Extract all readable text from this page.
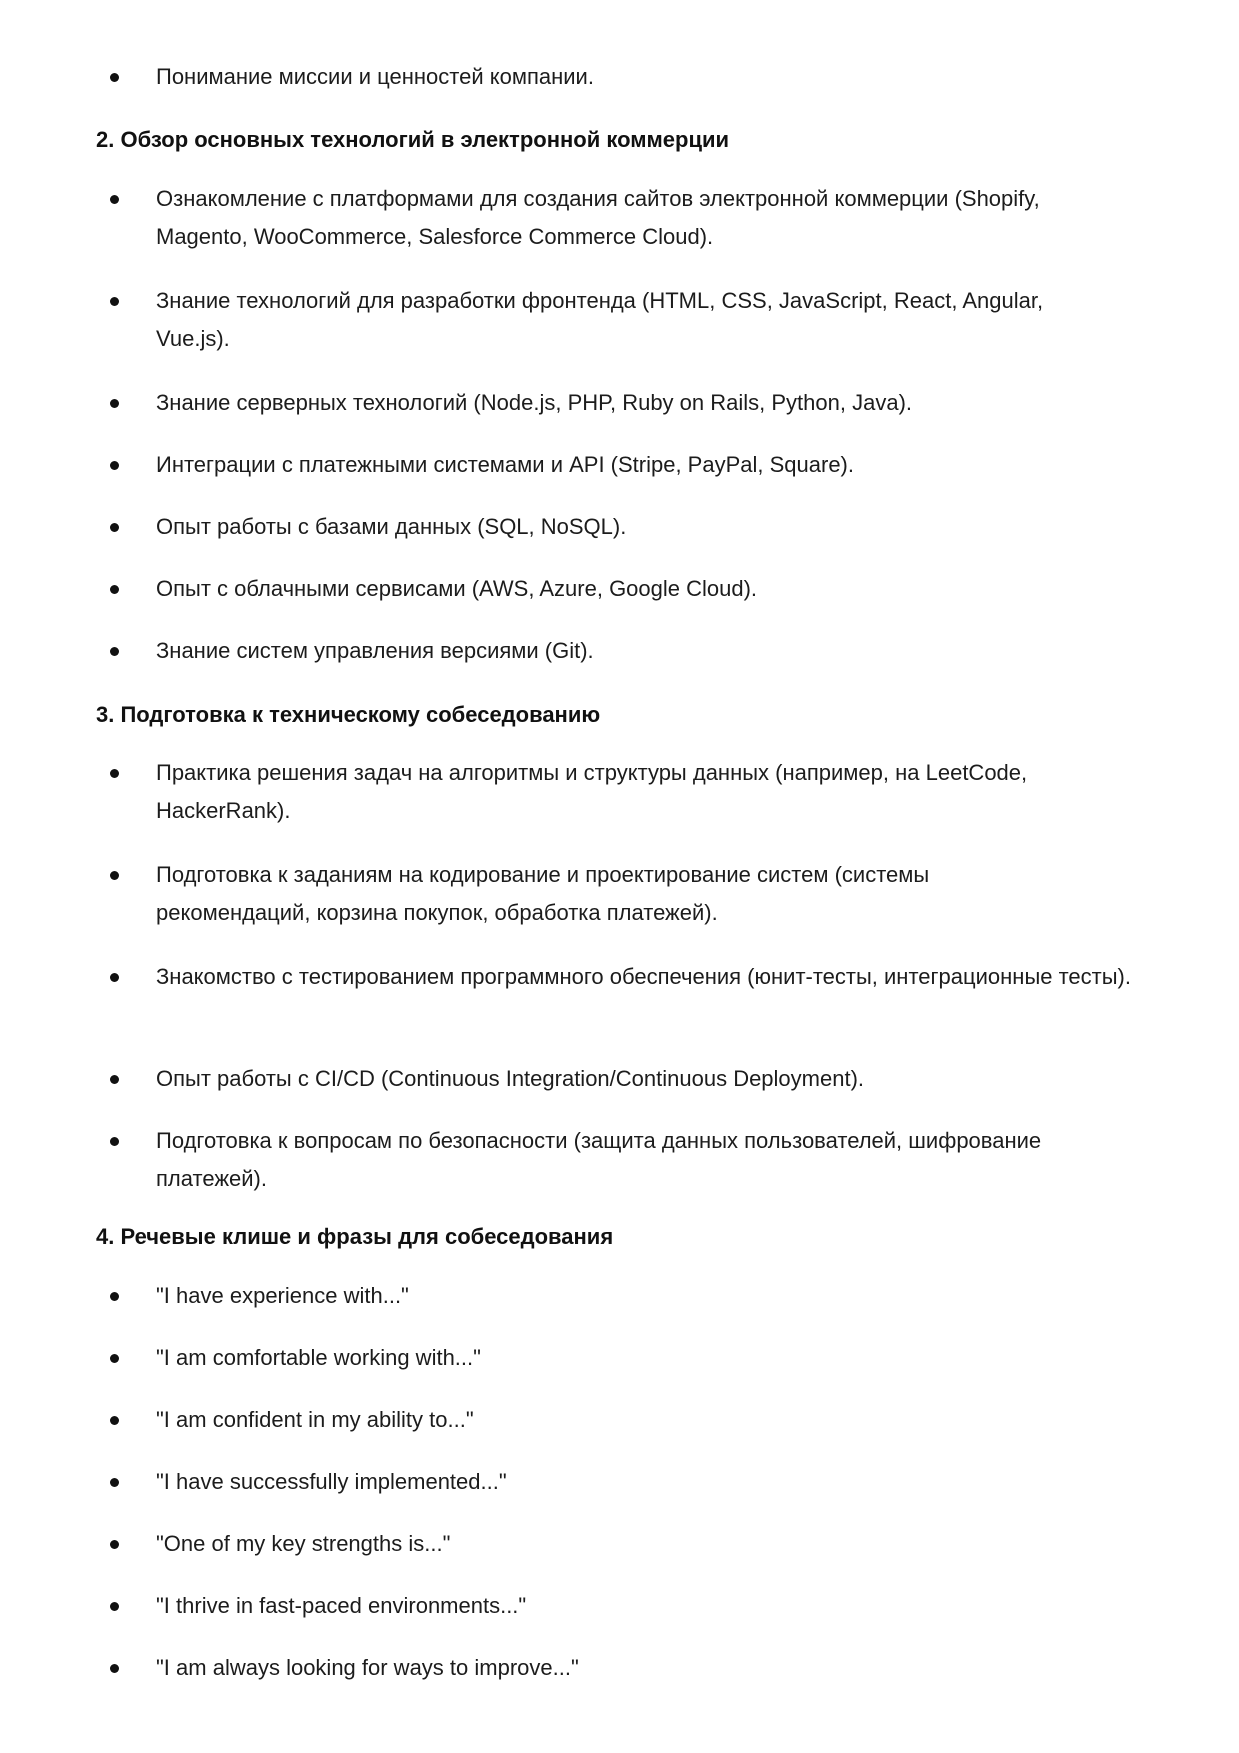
Понимание миссии и ценностей компании.
2. Обзор основных технологий в электронной коммерции
Ознакомление с платформами для создания сайтов электронной коммерции (Shopify, Magento, WooCommerce, Salesforce Commerce Cloud).
Знание технологий для разработки фронтенда (HTML, CSS, JavaScript, React, Angular, Vue.js).
Знание серверных технологий (Node.js, PHP, Ruby on Rails, Python, Java).
Интеграции с платежными системами и API (Stripe, PayPal, Square).
Опыт работы с базами данных (SQL, NoSQL).
Опыт с облачными сервисами (AWS, Azure, Google Cloud).
Знание систем управления версиями (Git).
3. Подготовка к техническому собеседованию
Практика решения задач на алгоритмы и структуры данных (например, на LeetCode, HackerRank).
Подготовка к заданиям на кодирование и проектирование систем (системы рекомендаций, корзина покупок, обработка платежей).
Знакомство с тестированием программного обеспечения (юнит-тесты, интеграционные тесты).
Опыт работы с CI/CD (Continuous Integration/Continuous Deployment).
Подготовка к вопросам по безопасности (защита данных пользователей, шифрование платежей).
4. Речевые клише и фразы для собеседования
"I have experience with..."
"I am comfortable working with..."
"I am confident in my ability to..."
"I have successfully implemented..."
"One of my key strengths is..."
"I thrive in fast-paced environments..."
"I am always looking for ways to improve..."
